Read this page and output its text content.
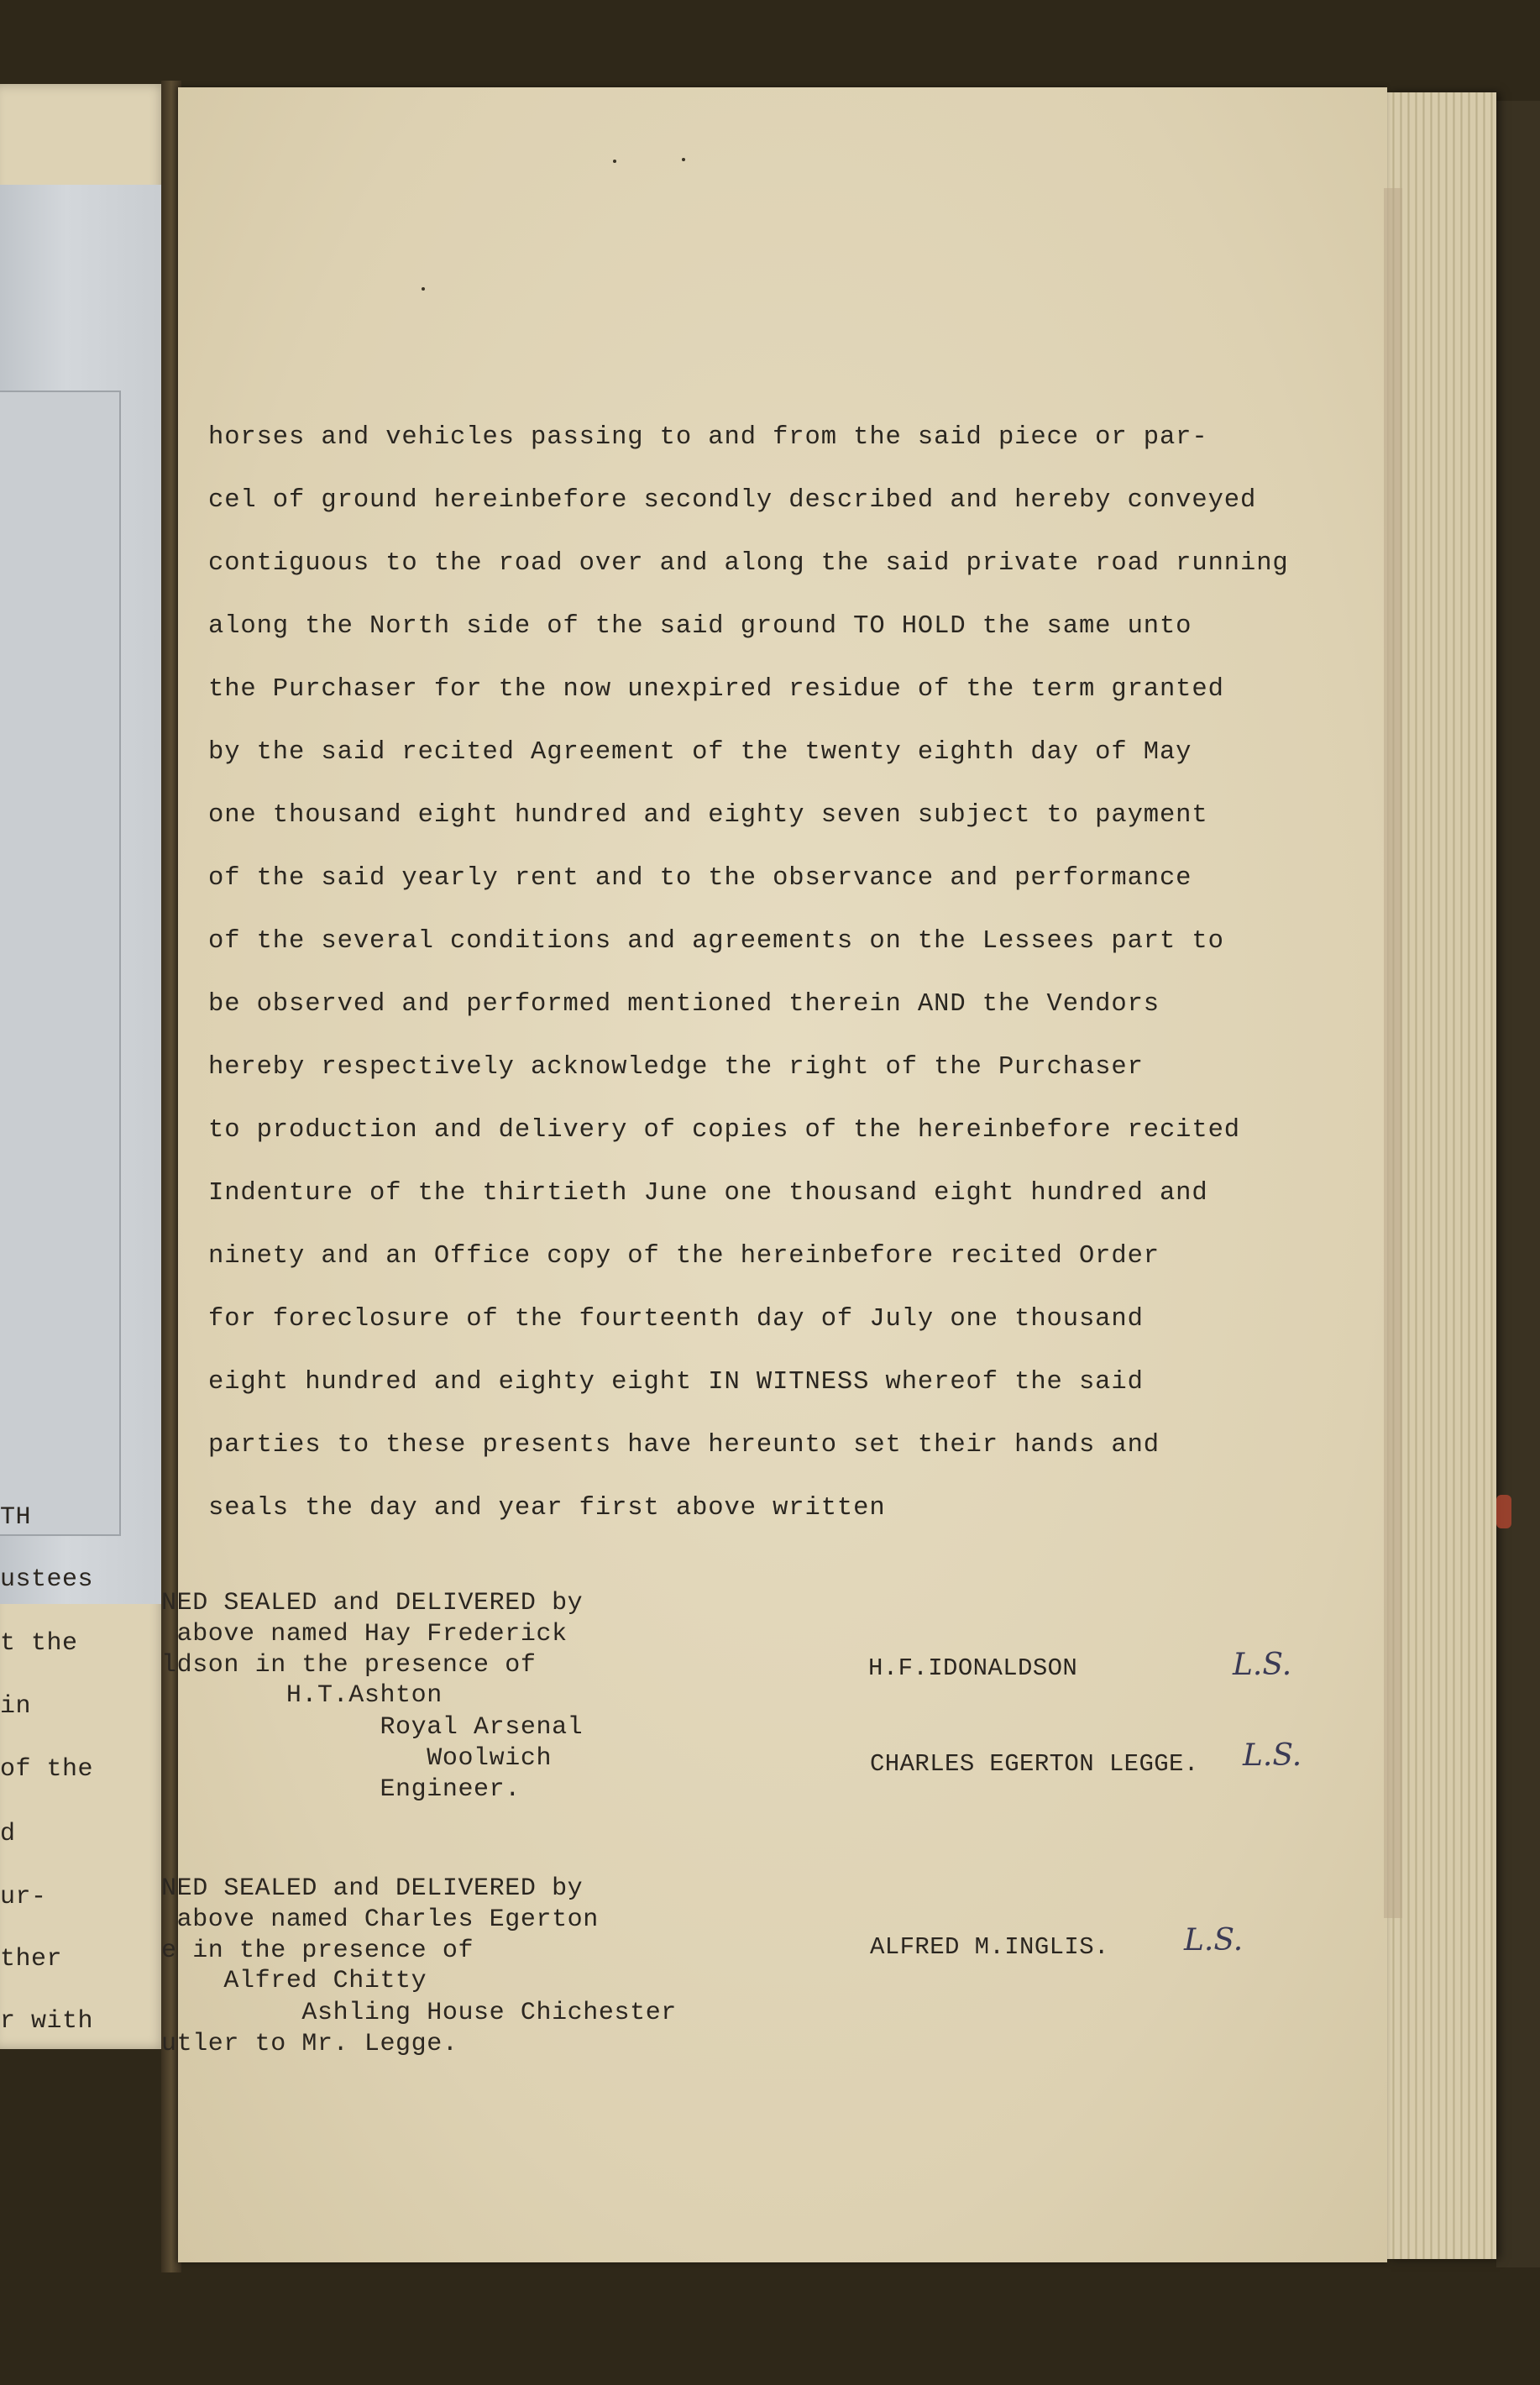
TH
ustees
t the
in
of the
d
ur-
ther
r with
horses and vehicles passing to and from the said piece or par-
cel of ground hereinbefore secondly described and hereby conveyed
contiguous to the road over and along the said private road running
along the North side of the said ground TO HOLD the same unto
the Purchaser for the now unexpired residue of the term granted
by the said recited Agreement of the twenty eighth day of May
one thousand eight hundred and eighty seven subject to payment
of the said yearly rent and to the observance and performance
of the several conditions and agreements on the Lessees part to
be observed and performed mentioned therein AND the Vendors
hereby respectively acknowledge the right of the Purchaser
to production and delivery of copies of the hereinbefore recited
Indenture of the thirtieth June one thousand eight hundred and
ninety and an Office copy of the hereinbefore recited Order
for foreclosure of the fourteenth day of July one thousand
eight hundred and eighty eight IN WITNESS whereof the said
parties to these presents have hereunto set their hands and
seals the day and year first above written
NED SEALED and DELIVERED by
above named Hay Frederick
ldson in the presence of
H.T.Ashton
Royal Arsenal
Woolwich
Engineer.
NED SEALED and DELIVERED by
above named Charles Egerton
e in the presence of
Alfred Chitty
Ashling House Chichester
utler to Mr. Legge.
H.F.IDONALDSON	L.S.
CHARLES EGERTON LEGGE. L.S.
ALFRED M.INGLIS. L.S.
